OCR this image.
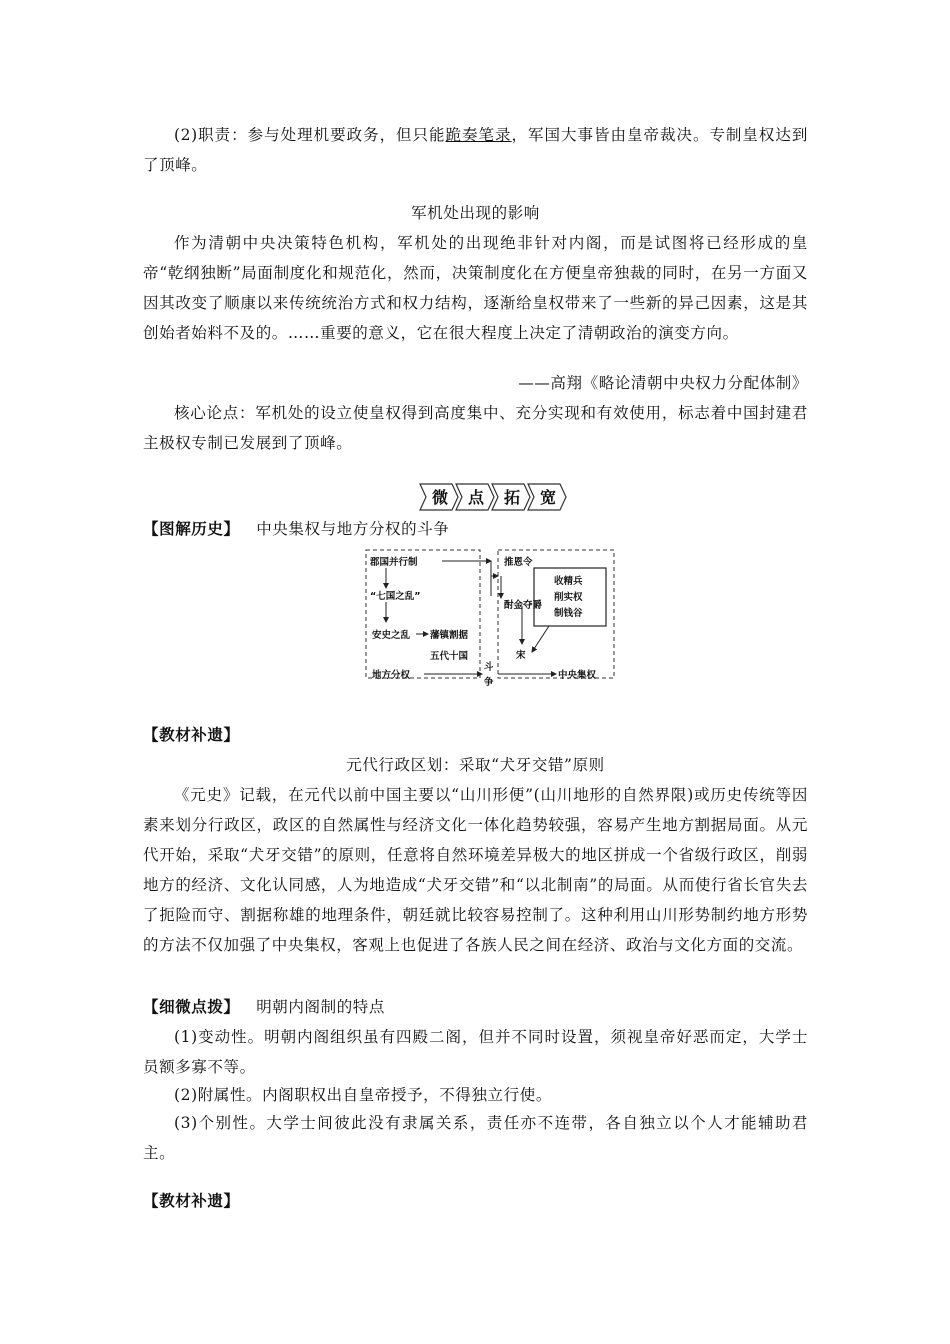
(2)职责：参与处理机要政务，但只能跪奏笔录，军国大事皆由皇帝裁决。专制皇权达到了顶峰。
军机处出现的影响
作为清朝中央决策特色机构，军机处的出现绝非针对内阁，而是试图将已经形成的皇帝“乾纲独断”局面制度化和规范化，然而，决策制度化在方便皇帝独裁的同时，在另一方面又因其改变了顺康以来传统统治方式和权力结构，逐渐给皇权带来了一些新的异己因素，这是其创始者始料不及的。……重要的意义，它在很大程度上决定了清朝政治的演变方向。
——高翔《略论清朝中央权力分配体制》
核心论点：军机处的设立使皇权得到高度集中、充分实现和有效使用，标志着中国封建君主极权专制已发展到了顶峰。
微 点 拓 宽
【图解历史】 中央集权与地方分权的斗争
郡国并行制
“七国之乱”
安史之乱 藩镇割据
五代十国
地方分权
推恩令
酎金夺爵
收精兵
削实权
制钱谷
宋
中央集权
斗
争
【教材补遗】
元代行政区划：采取“犬牙交错”原则
《元史》记载，在元代以前中国主要以“山川形便”(山川地形的自然界限)或历史传统等因素来划分行政区，政区的自然属性与经济文化一体化趋势较强，容易产生地方割据局面。从元代开始，采取“犬牙交错”的原则，任意将自然环境差异极大的地区拼成一个省级行政区，削弱地方的经济、文化认同感，人为地造成“犬牙交错”和“以北制南”的局面。从而使行省长官失去了扼险而守、割据称雄的地理条件，朝廷就比较容易控制了。这种利用山川形势制约地方形势的方法不仅加强了中央集权，客观上也促进了各族人民之间在经济、政治与文化方面的交流。
【细微点拨】 明朝内阁制的特点
(1)变动性。明朝内阁组织虽有四殿二阁，但并不同时设置，须视皇帝好恶而定，大学士员额多寡不等。
(2)附属性。内阁职权出自皇帝授予，不得独立行使。
(3)个别性。大学士间彼此没有隶属关系，责任亦不连带，各自独立以个人才能辅助君主。
【教材补遗】
